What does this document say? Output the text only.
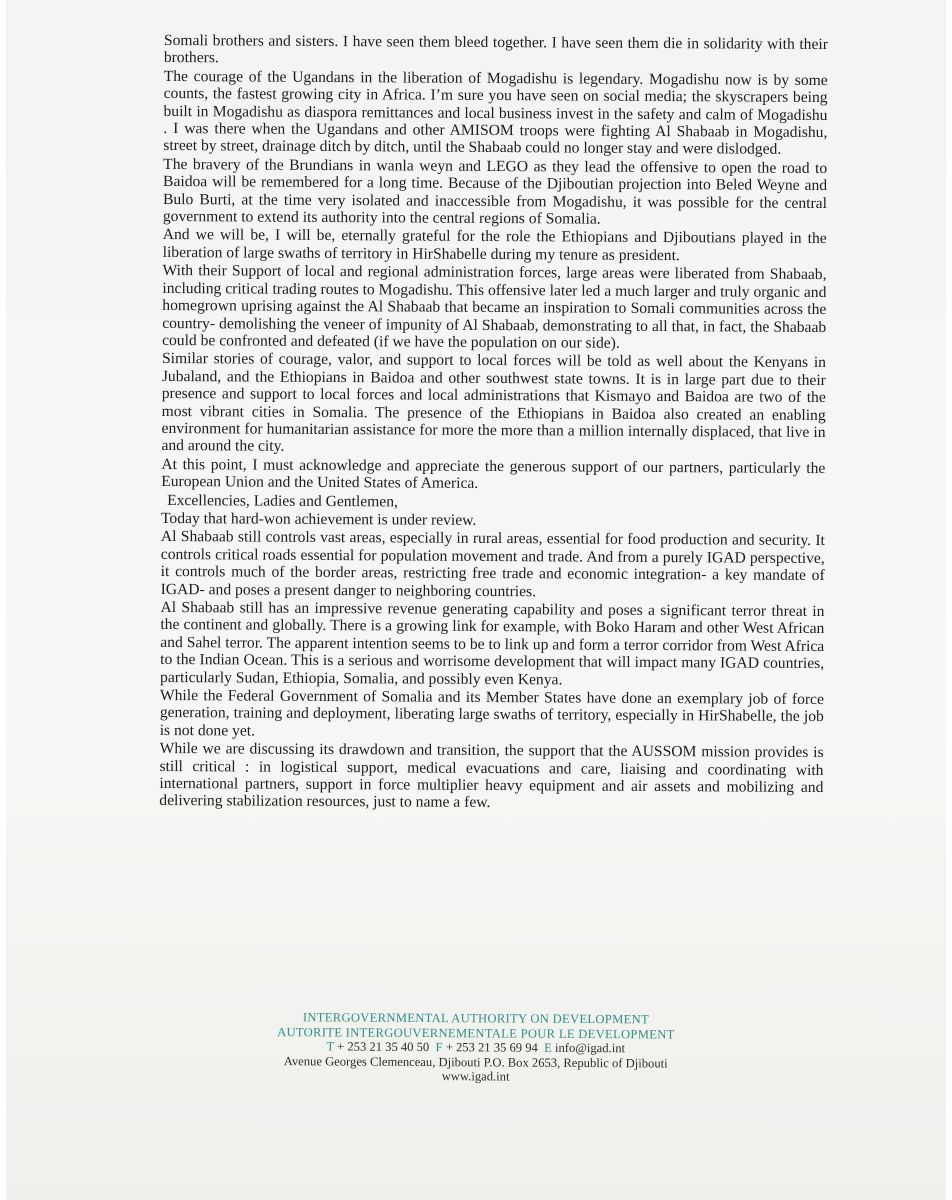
Somali brothers and sisters. I have seen them bleed together. I have seen them die in solidarity with their brothers.

The courage of the Ugandans in the liberation of Mogadishu is legendary. Mogadishu now is by some counts, the fastest growing city in Africa. I’m sure you have seen on social media; the skyscrapers being built in Mogadishu as diaspora remittances and local business invest in the safety and calm of Mogadishu . I was there when the Ugandans and other AMISOM troops were fighting Al Shabaab in Mogadishu, street by street, drainage ditch by ditch, until the Shabaab could no longer stay and were dislodged.

The bravery of the Brundians in wanla weyn and LEGO as they lead the offensive to open the road to Baidoa will be remembered for a long time. Because of the Djiboutian projection into Beled Weyne and Bulo Burti, at the time very isolated and inaccessible from Mogadishu, it was possible for the central government to extend its authority into the central regions of Somalia.

And we will be, I will be, eternally grateful for the role the Ethiopians and Djiboutians played in the liberation of large swaths of territory in HirShabelle during my tenure as president.

With their Support of local and regional administration forces, large areas were liberated from Shabaab, including critical trading routes to Mogadishu. This offensive later led a much larger and truly organic and homegrown uprising against the Al Shabaab that became an inspiration to Somali communities across the country- demolishing the veneer of impunity of Al Shabaab, demonstrating to all that, in fact, the Shabaab could be confronted and defeated (if we have the population on our side).

Similar stories of courage, valor, and support to local forces will be told as well about the Kenyans in Jubaland, and the Ethiopians in Baidoa and other southwest state towns. It is in large part due to their presence and support to local forces and local administrations that Kismayo and Baidoa are two of the most vibrant cities in Somalia. The presence of the Ethiopians in Baidoa also created an enabling environment for humanitarian assistance for more the more than a million internally displaced, that live in and around the city.

At this point, I must acknowledge and appreciate the generous support of our partners, particularly the European Union and the United States of America.

Excellencies, Ladies and Gentlemen,

Today that hard-won achievement is under review.

Al Shabaab still controls vast areas, especially in rural areas, essential for food production and security. It controls critical roads essential for population movement and trade. And from a purely IGAD perspective, it controls much of the border areas, restricting free trade and economic integration- a key mandate of IGAD- and poses a present danger to neighboring countries.

Al Shabaab still has an impressive revenue generating capability and poses a significant terror threat in the continent and globally. There is a growing link for example, with Boko Haram and other West African and Sahel terror. The apparent intention seems to be to link up and form a terror corridor from West Africa to the Indian Ocean. This is a serious and worrisome development that will impact many IGAD countries, particularly Sudan, Ethiopia, Somalia, and possibly even Kenya.

While the Federal Government of Somalia and its Member States have done an exemplary job of force generation, training and deployment, liberating large swaths of territory, especially in HirShabelle, the job is not done yet.

While we are discussing its drawdown and transition, the support that the AUSSOM mission provides is still critical : in logistical support, medical evacuations and care, liaising and coordinating with international partners, support in force multiplier heavy equipment and air assets and mobilizing and delivering stabilization resources, just to name a few.

INTERGOVERNMENTAL AUTHORITY ON DEVELOPMENT
AUTORITE INTERGOUVERNEMENTALE POUR LE DEVELOPMENT
T + 253 21 35 40 50 F + 253 21 35 69 94 E info@igad.int
Avenue Georges Clemenceau, Djibouti P.O. Box 2653, Republic of Djibouti
www.igad.int
